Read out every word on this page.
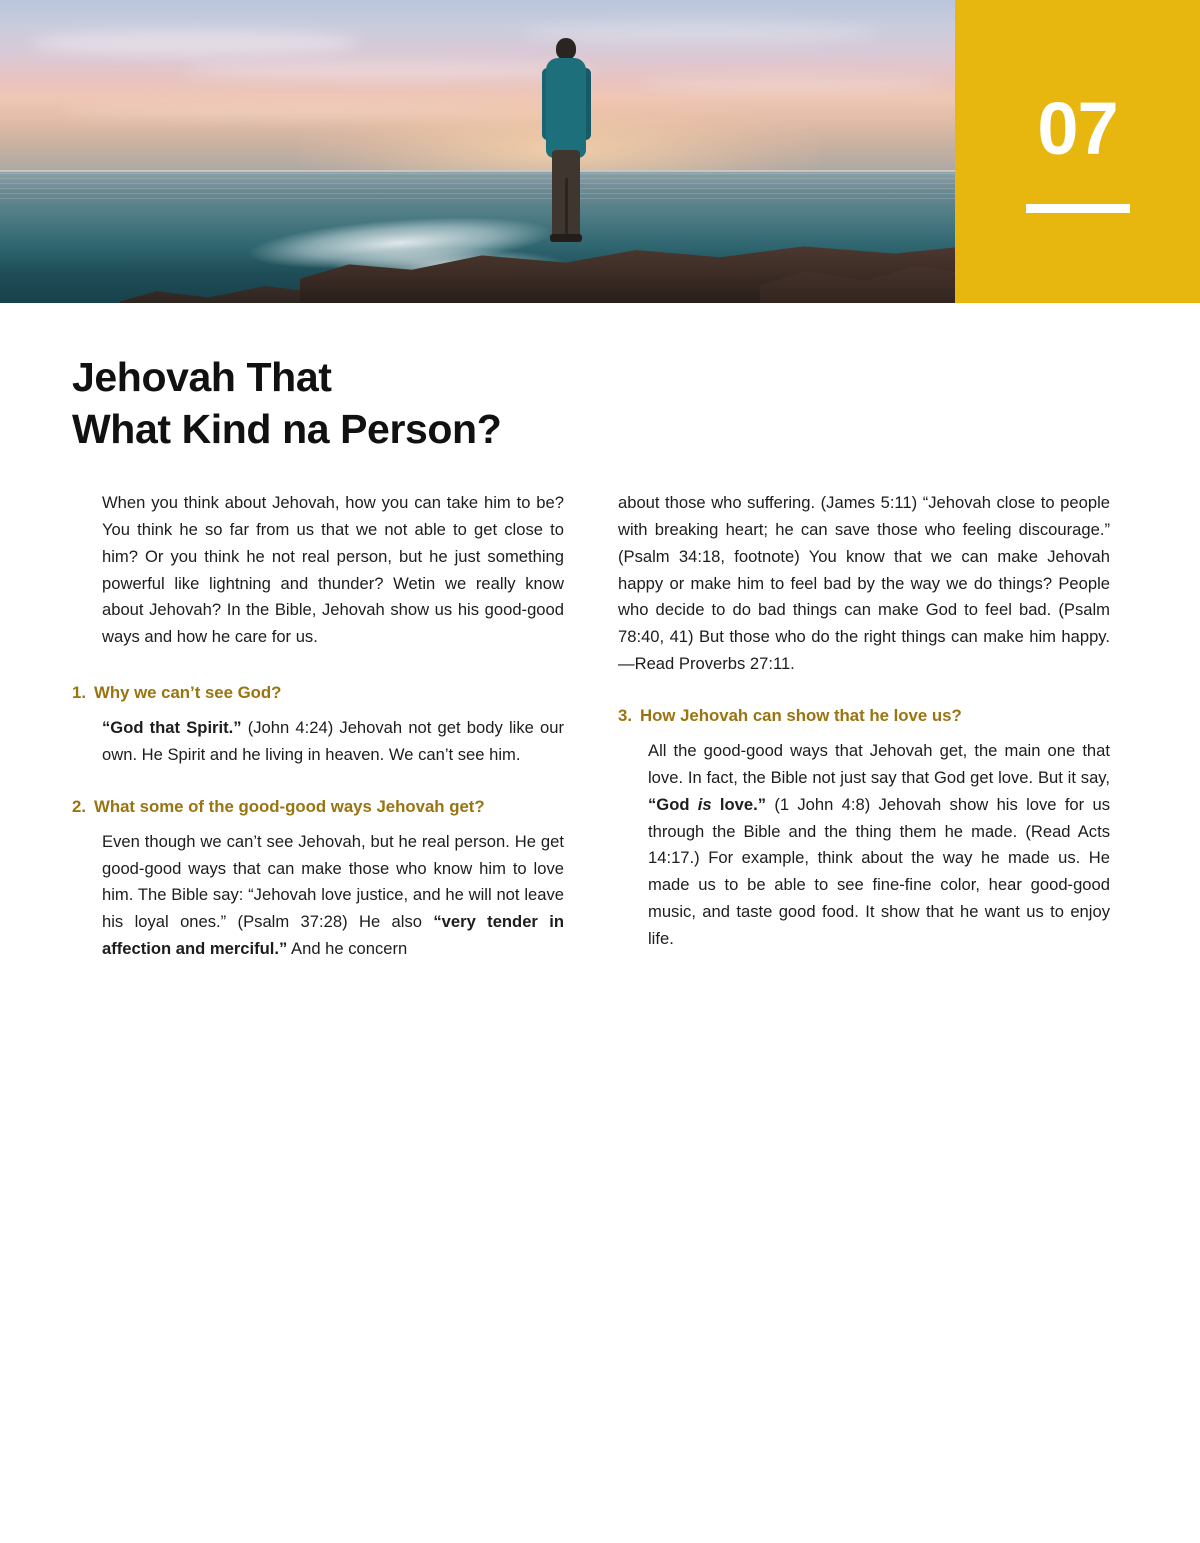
07
Jehovah That
What Kind na Person?

When you think about Jehovah, how you can take him to be? You think he so far from us that we not able to get close to him? Or you think he not real person, but he just something powerful like lightning and thunder? Wetin we really know about Jehovah? In the Bible, Jehovah show us his good-good ways and how he care for us.

1. Why we can’t see God?

“God that Spirit.” (John 4:24) Jehovah not get body like our own. He Spirit and he living in heaven. We can’t see him.

2. What some of the good-good ways Jehovah get?

Even though we can’t see Jehovah, but he real person. He get good-good ways that can make those who know him to love him. The Bible say: “Jehovah love justice, and he will not leave his loyal ones.” (Psalm 37:28) He also “very tender in affection and merciful.” And he concern

about those who suffering. (James 5:11) “Jehovah close to people with breaking heart; he can save those who feeling discourage.” (Psalm 34:18, footnote) You know that we can make Jehovah happy or make him to feel bad by the way we do things? People who decide to do bad things can make God to feel bad. (Psalm 78:40, 41) But those who do the right things can make him happy.—Read Proverbs 27:11.

3. How Jehovah can show that he love us?

All the good-good ways that Jehovah get, the main one that love. In fact, the Bible not just say that God get love. But it say, “God is love.” (1 John 4:8) Jehovah show his love for us through the Bible and the thing them he made. (Read Acts 14:17.) For example, think about the way he made us. He made us to be able to see fine-fine color, hear good-good music, and taste good food. It show that he want us to enjoy life.
